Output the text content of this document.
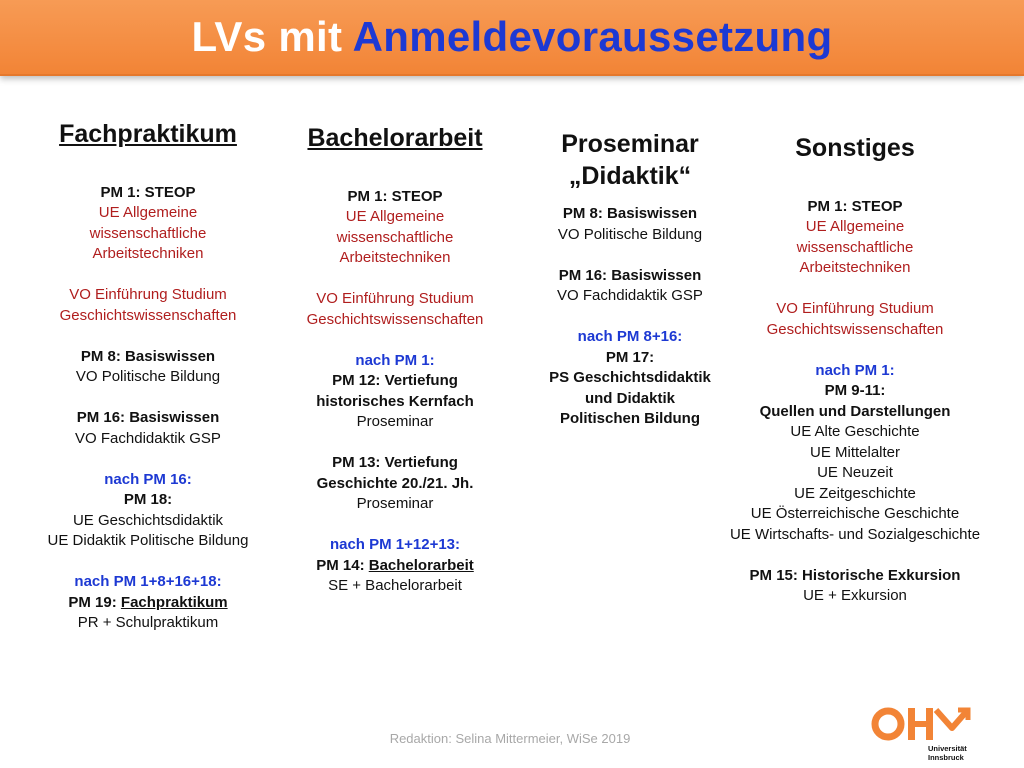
LVs mit Anmeldevoraussetzung
Fachpraktikum
PM 1: STEOP
UE Allgemeine
wissenschaftliche
Arbeitstechniken
VO Einführung Studium
Geschichtswissenschaften
PM 8: Basiswissen
VO Politische Bildung
PM 16: Basiswissen
VO Fachdidaktik GSP
nach PM 16:
PM 18:
UE Geschichtsdidaktik
UE Didaktik Politische Bildung
nach PM 1+8+16+18:
PM 19: Fachpraktikum
PR + Schulpraktikum
Bachelorarbeit
PM 1: STEOP
UE Allgemeine
wissenschaftliche
Arbeitstechniken
VO Einführung Studium
Geschichtswissenschaften
nach PM 1:
PM 12: Vertiefung
historisches Kernfach
Proseminar
PM 13: Vertiefung
Geschichte 20./21. Jh.
Proseminar
nach PM 1+12+13:
PM 14: Bachelorarbeit
SE + Bachelorarbeit
Proseminar
„Didaktik“
PM 8: Basiswissen
VO Politische Bildung
PM 16: Basiswissen
VO Fachdidaktik GSP
nach PM 8+16:
PM 17:
PS Geschichtsdidaktik
und Didaktik
Politischen Bildung
Sonstiges
PM 1: STEOP
UE Allgemeine
wissenschaftliche
Arbeitstechniken
VO Einführung Studium
Geschichtswissenschaften
nach PM 1:
PM 9-11:
Quellen und Darstellungen
UE Alte Geschichte
UE Mittelalter
UE Neuzeit
UE Zeitgeschichte
UE Österreichische Geschichte
UE Wirtschafts- und Sozialgeschichte
PM 15: Historische Exkursion
UE + Exkursion
Redaktion: Selina Mittermeier, WiSe 2019
Universität
Innsbruck
